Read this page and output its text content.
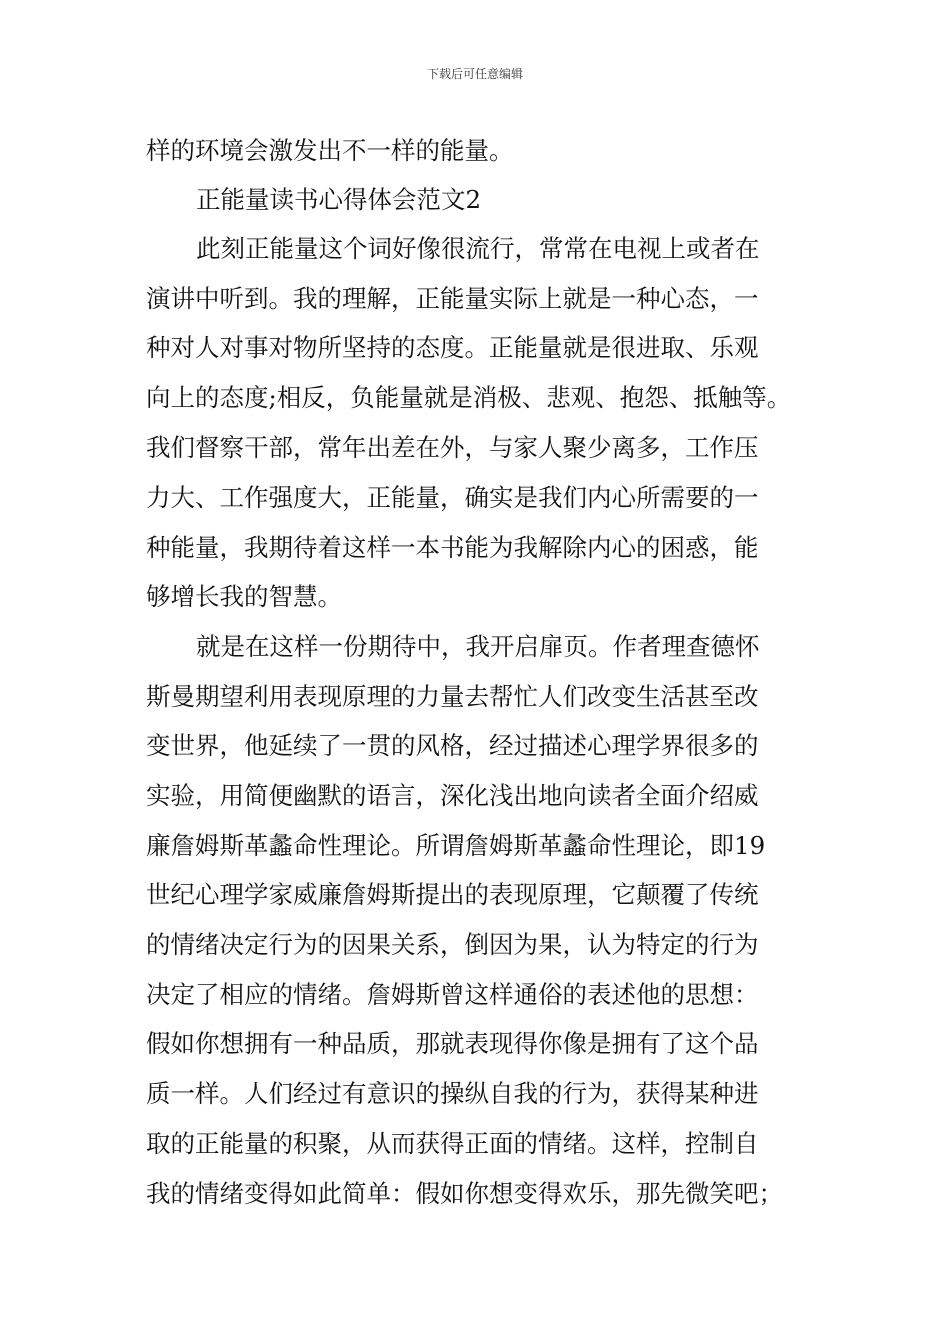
下载后可任意编辑
样的环境会激发出不一样的能量。
正能量读书心得体会范文2
此刻正能量这个词好像很流行，常常在电视上或者在
演讲中听到。我的理解，正能量实际上就是一种心态，一
种对人对事对物所坚持的态度。正能量就是很进取、乐观
向上的态度;相反，负能量就是消极、悲观、抱怨、抵触等。
我们督察干部，常年出差在外，与家人聚少离多，工作压
力大、工作强度大，正能量，确实是我们内心所需要的一
种能量，我期待着这样一本书能为我解除内心的困惑，能
够增长我的智慧。
就是在这样一份期待中，我开启扉页。作者理查德怀
斯曼期望利用表现原理的力量去帮忙人们改变生活甚至改
变世界，他延续了一贯的风格，经过描述心理学界很多的
实验，用简便幽默的语言，深化浅出地向读者全面介绍威
廉詹姆斯革蠡命性理论。所谓詹姆斯革蠡命性理论，即19
世纪心理学家威廉詹姆斯提出的表现原理，它颠覆了传统
的情绪决定行为的因果关系，倒因为果，认为特定的行为
决定了相应的情绪。詹姆斯曾这样通俗的表述他的思想：
假如你想拥有一种品质，那就表现得你像是拥有了这个品
质一样。人们经过有意识的操纵自我的行为，获得某种进
取的正能量的积聚，从而获得正面的情绪。这样，控制自
我的情绪变得如此简单：假如你想变得欢乐，那先微笑吧；
